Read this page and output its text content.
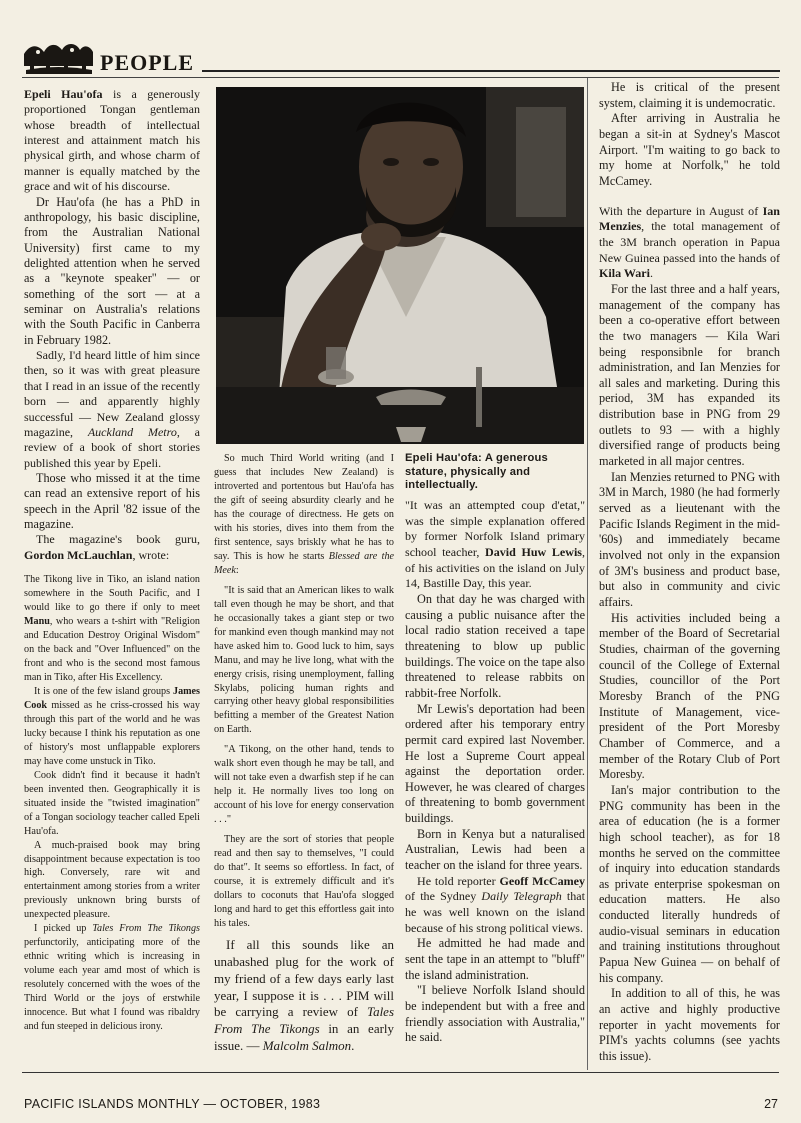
PEOPLE

Epeli Hau'ofa is a generously proportioned Tongan gentleman whose breadth of intellectual interest and attainment match his physical girth, and whose charm of manner is equally matched by the grace and wit of his discourse.

Dr Hau'ofa (he has a PhD in anthropology, his basic discipline, from the Australian National University) first came to my delighted attention when he served as a "keynote speaker" — or something of the sort — at a seminar on Australia's relations with the South Pacific in Canberra in February 1982.

Sadly, I'd heard little of him since then, so it was with great pleasure that I read in an issue of the recently born — and apparently highly successful — New Zealand glossy magazine, Auckland Metro, a review of a book of short stories published this year by Epeli.

Those who missed it at the time can read an extensive report of his speech in the April '82 issue of the magazine.

The magazine's book guru, Gordon McLauchlan, wrote:

The Tikong live in Tiko, an island nation somewhere in the South Pacific, and I would like to go there if only to meet Manu, who wears a t-shirt with "Religion and Education Destroy Original Wisdom" on the back and "Over Influenced" on the front and who is the second most famous man in Tiko, after His Excellency.

It is one of the few island groups James Cook missed as he criss-crossed his way through this part of the world and he was lucky because I think his reputation as one of history's most unflappable explorers may have come unstuck in Tiko.

Cook didn't find it because it hadn't been invented then. Geographically it is situated inside the "twisted imagination" of a Tongan sociology teacher called Epeli Hau'ofa.

A much-praised book may bring disappointment because expectation is too high. Conversely, rare wit and entertainment among stories from a writer previously unknown bring bursts of unexpected pleasure.

I picked up Tales From The Tikongs perfunctorily, anticipating more of the ethnic writing which is increasing in volume each year amd most of which is resolutely concerned with the woes of the Third World or the joys of erstwhile innocence. But what I found was ribaldry and fun steeped in delicious irony.

So much Third World writing (and I guess that includes New Zealand) is introverted and portentous but Hau'ofa has the gift of seeing absurdity clearly and he has the courage of directness. He gets on with his stories, dives into them from the first sentence, says briskly what he has to say. This is how he starts Blessed are the Meek:

"It is said that an American likes to walk tall even though he may be short, and that he occasionally takes a giant step or two for mankind even though mankind may not have asked him to. Good luck to him, says Manu, and may he live long, what with the energy crisis, rising unemployment, falling Skylabs, policing human rights and carrying other heavy global responsibilities befitting a member of the Greatest Nation on Earth.

"A Tikong, on the other hand, tends to walk short even though he may be tall, and will not take even a dwarfish step if he can help it. He normally lives too long on account of his love for energy conservation . . ."

They are the sort of stories that people read and then say to themselves, "I could do that". It seems so effortless. In fact, of course, it is extremely difficult and it's dollars to coconuts that Hau'ofa slogged long and hard to get this effortless gait into his tales.

If all this sounds like an unabashed plug for the work of my friend of a few days early last year, I suppose it is . . . PIM will be carrying a review of Tales From The Tikongs in an early issue. — Malcolm Salmon.

"It was an attempted coup d'etat," was the simple explanation offered by former Norfolk Island primary school teacher, David Huw Lewis, of his activities on the island on July 14, Bastille Day, this year.

On that day he was charged with causing a public nuisance after the local radio station received a tape threatening to blow up public buildings. The voice on the tape also threatened to release rabbits on rabbit-free Norfolk.

Mr Lewis's deportation had been ordered after his temporary entry permit card expired last November. He lost a Supreme Court appeal against the deportation order. However, he was cleared of charges of threatening to bomb government buildings.

Born in Kenya but a naturalised Australian, Lewis had been a teacher on the island for three years.

He told reporter Geoff McCamey of the Sydney Daily Telegraph that he was well known on the island because of his strong political views.

He admitted he had made and sent the tape in an attempt to "bluff" the island administration.

"I believe Norfolk Island should be independent but with a free and friendly association with Australia," he said.

Epeli Hau'ofa: A generous stature, physically and intellectually.

He is critical of the present system, claiming it is undemocratic.

After arriving in Australia he began a sit-in at Sydney's Mascot Airport. "I'm waiting to go back to my home at Norfolk," he told McCamey.

With the departure in August of Ian Menzies, the total management of the 3M branch operation in Papua New Guinea passed into the hands of Kila Wari.

For the last three and a half years, management of the company has been a co-operative effort between the two managers — Kila Wari being responsibnle for branch administration, and Ian Menzies for all sales and marketing. During this period, 3M has expanded its distribution base in PNG from 29 outlets to 93 — with a highly diversified range of products being marketed in all major centres.

Ian Menzies returned to PNG with 3M in March, 1980 (he had formerly served as a lieutenant with the Pacific Islands Regiment in the mid-'60s) and immediately became involved not only in the expansion of 3M's business and product base, but also in community and civic affairs.

His activities included being a member of the Board of Secretarial Studies, chairman of the governing council of the College of External Studies, councillor of the Port Moresby Branch of the PNG Institute of Management, vice-president of the Port Moresby Chamber of Commerce, and a member of the Rotary Club of Port Moresby.

Ian's major contribution to the PNG community has been in the area of education (he is a former high school teacher), as for 18 months he served on the committee of inquiry into education standards as private enterprise spokesman on education matters. He also conducted literally hundreds of audio-visual seminars in education and training institutions throughout Papua New Guinea — on behalf of his company.

In addition to all of this, he was an active and highly productive reporter in yacht movements for PIM's yachts columns (see yachts this issue).

PACIFIC ISLANDS MONTHLY — OCTOBER, 1983	27
